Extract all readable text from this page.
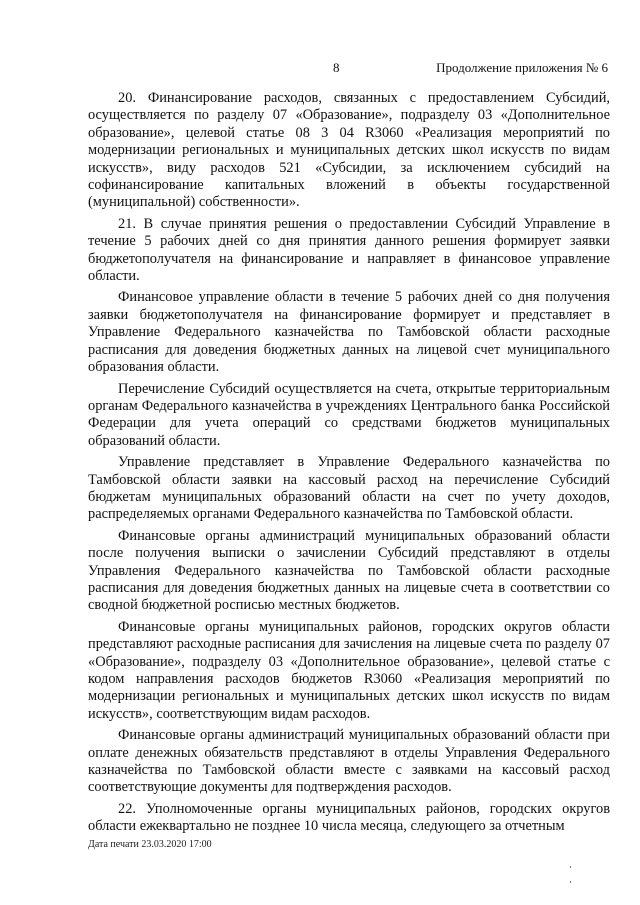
8	Продолжение приложения № 6

20. Финансирование расходов, связанных с предоставлением Субсидий, осуществляется по разделу 07 «Образование», подразделу 03 «Дополнительное образование», целевой статье 08 3 04 R3060 «Реализация мероприятий по модернизации региональных и муниципальных детских школ искусств по видам искусств», виду расходов 521 «Субсидии, за исключением субсидий на софинансирование капитальных вложений в объекты государственной (муниципальной) собственности».

21. В случае принятия решения о предоставлении Субсидий Управление в течение 5 рабочих дней со дня принятия данного решения формирует заявки бюджетополучателя на финансирование и направляет в финансовое управление области.

Финансовое управление области в течение 5 рабочих дней со дня получения заявки бюджетополучателя на финансирование формирует и представляет в Управление Федерального казначейства по Тамбовской области расходные расписания для доведения бюджетных данных на лицевой счет муниципального образования области.

Перечисление Субсидий осуществляется на счета, открытые территориальным органам Федерального казначейства в учреждениях Центрального банка Российской Федерации для учета операций со средствами бюджетов муниципальных образований области.

Управление представляет в Управление Федерального казначейства по Тамбовской области заявки на кассовый расход на перечисление Субсидий бюджетам муниципальных образований области на счет по учету доходов, распределяемых органами Федерального казначейства по Тамбовской области.

Финансовые органы администраций муниципальных образований области после получения выписки о зачислении Субсидий представляют в отделы Управления Федерального казначейства по Тамбовской области расходные расписания для доведения бюджетных данных на лицевые счета в соответствии со сводной бюджетной росписью местных бюджетов.

Финансовые органы муниципальных районов, городских округов области представляют расходные расписания для зачисления на лицевые счета по разделу 07 «Образование», подразделу 03 «Дополнительное образование», целевой статье с кодом направления расходов бюджетов R3060 «Реализация мероприятий по модернизации региональных и муниципальных детских школ искусств по видам искусств», соответствующим видам расходов.

Финансовые органы администраций муниципальных образований области при оплате денежных обязательств представляют в отделы Управления Федерального казначейства по Тамбовской области вместе с заявками на кассовый расход соответствующие документы для подтверждения расходов.

22. Уполномоченные органы муниципальных районов, городских округов области ежеквартально не позднее 10 числа месяца, следующего за отчетным

Дата печати 23.03.2020 17:00
